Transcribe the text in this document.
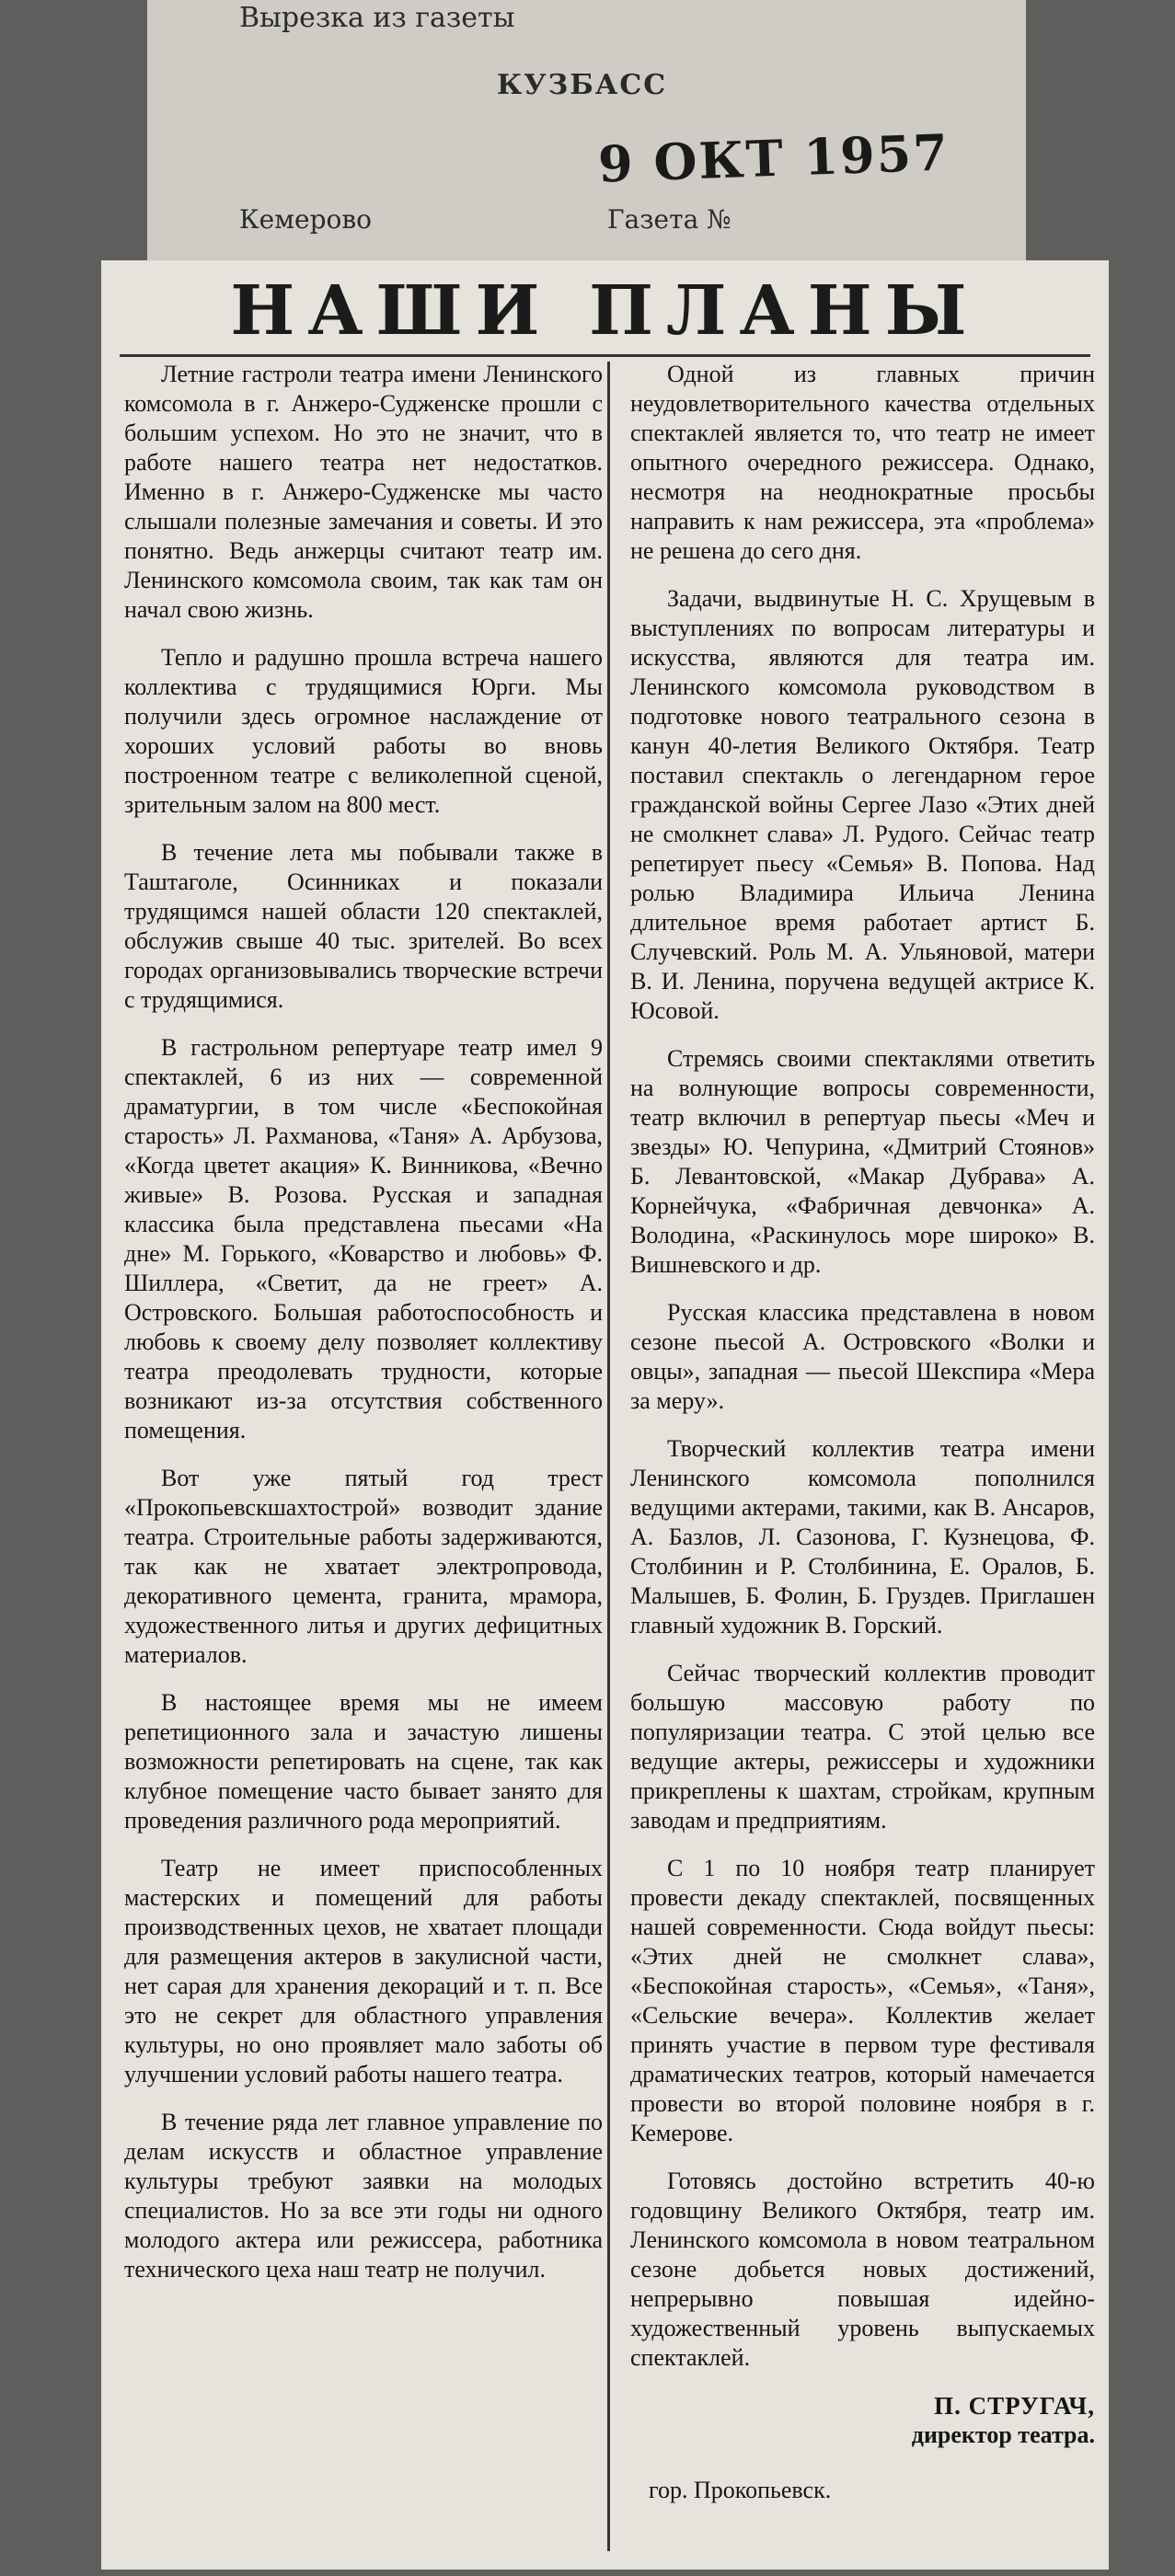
Вырезка из газеты
КУЗБАСС
9 ОКТ 1957
Кемерово	Газета №
НАШИ ПЛАНЫ

Летние гастроли театра имени Ленинского комсомола в г. Анжеро-Судженске прошли с большим успехом. Но это не значит, что в работе нашего театра нет недостатков. Именно в г. Анжеро-Судженске мы часто слышали полезные замечания и советы. И это понятно. Ведь анжерцы считают театр им. Ленинского комсомола своим, так как там он начал свою жизнь.

Тепло и радушно прошла встреча нашего коллектива с трудящимися Юрги. Мы получили здесь огромное наслаждение от хороших условий работы во вновь построенном театре с великолепной сценой, зрительным залом на 800 мест.

В течение лета мы побывали также в Таштаголе, Осинниках и показали трудящимся нашей области 120 спектаклей, обслужив свыше 40 тыс. зрителей. Во всех городах организовывались творческие встречи с трудящимися.

В гастрольном репертуаре театр имел 9 спектаклей, 6 из них — современной драматургии, в том числе «Беспокойная старость» Л. Рахманова, «Таня» А. Арбузова, «Когда цветет акация» К. Винникова, «Вечно живые» В. Розова. Русская и западная классика была представлена пьесами «На дне» М. Горького, «Коварство и любовь» Ф. Шиллера, «Светит, да не греет» А. Островского. Большая работоспособность и любовь к своему делу позволяет коллективу театра преодолевать трудности, которые возникают из-за отсутствия собственного помещения.

Вот уже пятый год трест «Прокопьевскшахтострой» возводит здание театра. Строительные работы задерживаются, так как не хватает электропровода, декоративного цемента, гранита, мрамора, художественного литья и других дефицитных материалов.

В настоящее время мы не имеем репетиционного зала и зачастую лишены возможности репетировать на сцене, так как клубное помещение часто бывает занято для проведения различного рода мероприятий.

Театр не имеет приспособленных мастерских и помещений для работы производственных цехов, не хватает площади для размещения актеров в закулисной части, нет сарая для хранения декораций и т. п. Все это не секрет для областного управления культуры, но оно проявляет мало заботы об улучшении условий работы нашего театра.

В течение ряда лет главное управление по делам искусств и областное управление культуры требуют заявки на молодых специалистов. Но за все эти годы ни одного молодого актера или режиссера, работника технического цеха наш театр не получил.

Одной из главных причин неудовлетворительного качества отдельных спектаклей является то, что театр не имеет опытного очередного режиссера. Однако, несмотря на неоднократные просьбы направить к нам режиссера, эта «проблема» не решена до сего дня.

Задачи, выдвинутые Н. С. Хрущевым в выступлениях по вопросам литературы и искусства, являются для театра им. Ленинского комсомола руководством в подготовке нового театрального сезона в канун 40-летия Великого Октября. Театр поставил спектакль о легендарном герое гражданской войны Сергее Лазо «Этих дней не смолкнет слава» Л. Рудого. Сейчас театр репетирует пьесу «Семья» В. Попова. Над ролью Владимира Ильича Ленина длительное время работает артист Б. Случевский. Роль М. А. Ульяновой, матери В. И. Ленина, поручена ведущей актрисе К. Юсовой.

Стремясь своими спектаклями ответить на волнующие вопросы современности, театр включил в репертуар пьесы «Меч и звезды» Ю. Чепурина, «Дмитрий Стоянов» Б. Левантовской, «Макар Дубрава» А. Корнейчука, «Фабричная девчонка» А. Володина, «Раскинулось море широко» В. Вишневского и др.

Русская классика представлена в новом сезоне пьесой А. Островского «Волки и овцы», западная — пьесой Шекспира «Мера за меру».

Творческий коллектив театра имени Ленинского комсомола пополнился ведущими актерами, такими, как В. Ансаров, А. Базлов, Л. Сазонова, Г. Кузнецова, Ф. Столбинин и Р. Столбинина, Е. Оралов, Б. Малышев, Б. Фолин, Б. Груздев. Приглашен главный художник В. Горский.

Сейчас творческий коллектив проводит большую массовую работу по популяризации театра. С этой целью все ведущие актеры, режиссеры и художники прикреплены к шахтам, стройкам, крупным заводам и предприятиям.

С 1 по 10 ноября театр планирует провести декаду спектаклей, посвященных нашей современности. Сюда войдут пьесы: «Этих дней не смолкнет слава», «Беспокойная старость», «Семья», «Таня», «Сельские вечера». Коллектив желает принять участие в первом туре фестиваля драматических театров, который намечается провести во второй половине ноября в г. Кемерове.

Готовясь достойно встретить 40-ю годовщину Великого Октября, театр им. Ленинского комсомола в новом театральном сезоне добьется новых достижений, непрерывно повышая идейно-художественный уровень выпускаемых спектаклей.

П. СТРУГАЧ,
директор театра.
гор. Прокопьевск.
